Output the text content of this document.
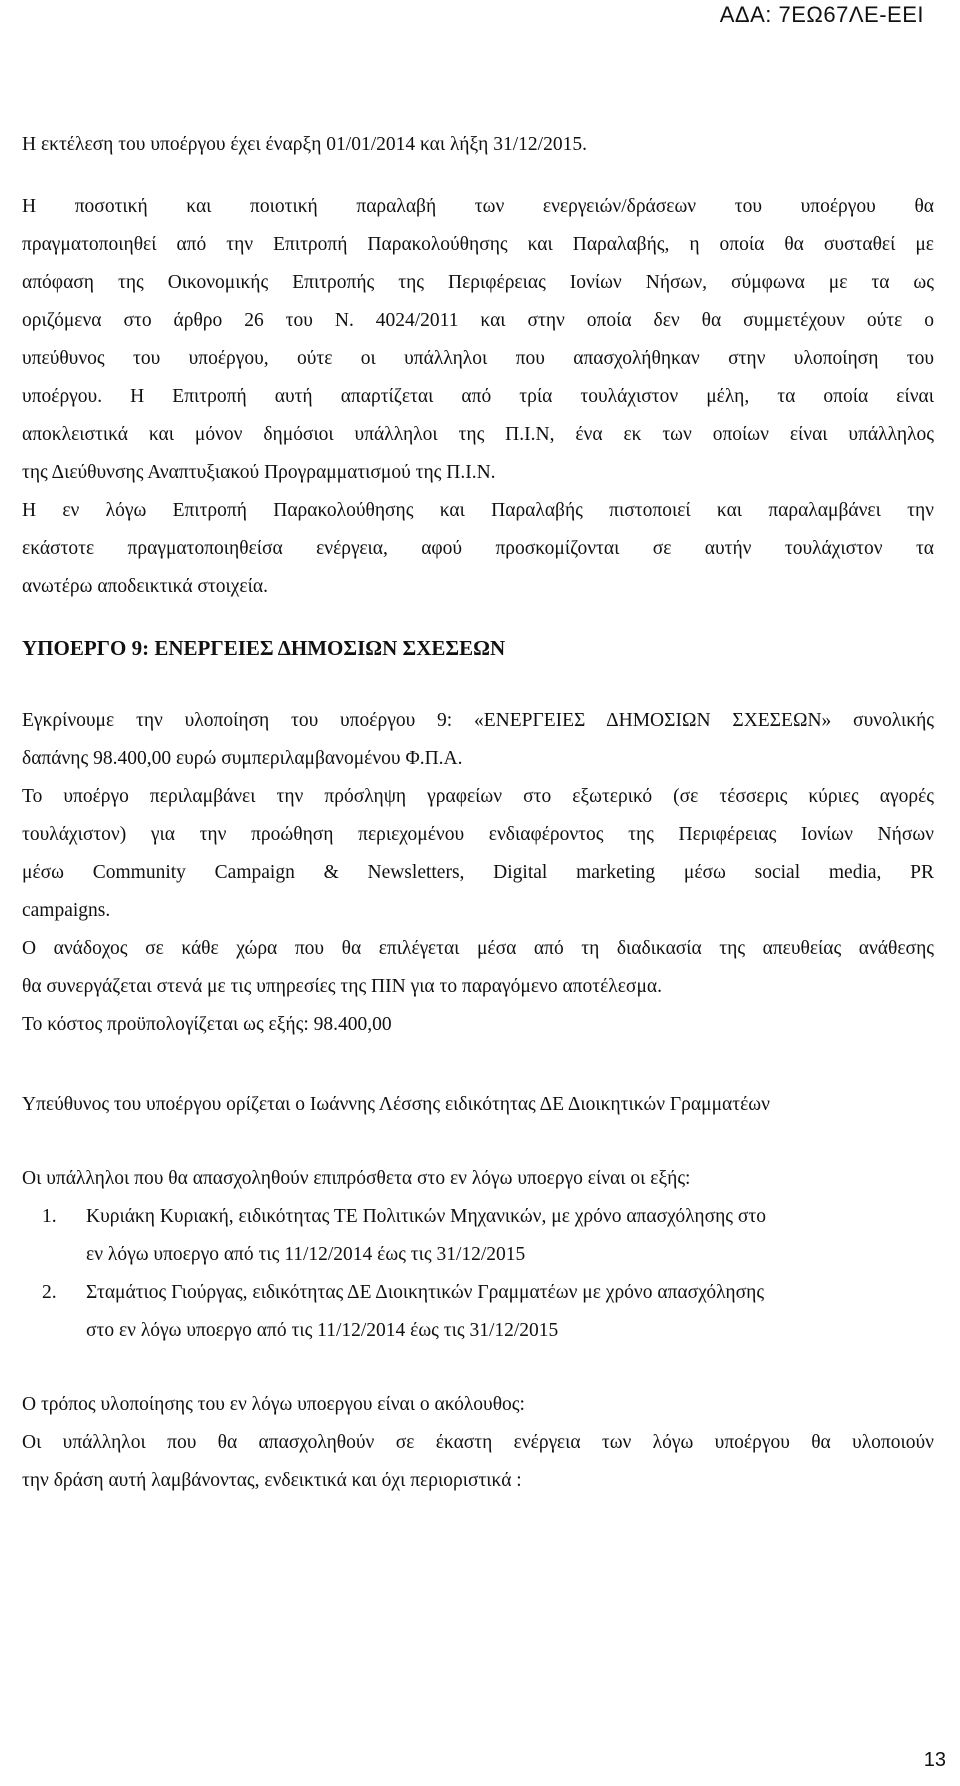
ΑΔΑ: 7ΕΩ67ΛΕ-ΕΕΙ
Η εκτέλεση του υποέργου έχει έναρξη 01/01/2014 και λήξη 31/12/2015.
Η ποσοτική και ποιοτική παραλαβή των ενεργειών/δράσεων του υποέργου θα
πραγματοποιηθεί από την Επιτροπή Παρακολούθησης και Παραλαβής, η οποία θα συσταθεί με
απόφαση της Οικονομικής Επιτροπής της Περιφέρειας Ιονίων Νήσων, σύμφωνα με τα ως
οριζόμενα στο άρθρο 26 του Ν. 4024/2011 και στην οποία δεν θα συμμετέχουν ούτε ο
υπεύθυνος του υποέργου, ούτε οι υπάλληλοι που απασχολήθηκαν στην υλοποίηση του
υποέργου. Η Επιτροπή αυτή απαρτίζεται από τρία τουλάχιστον μέλη, τα οποία είναι
αποκλειστικά και μόνον δημόσιοι υπάλληλοι της Π.Ι.Ν, ένα εκ των οποίων είναι υπάλληλος
της Διεύθυνσης Αναπτυξιακού Προγραμματισμού της Π.Ι.Ν.
Η εν λόγω Επιτροπή Παρακολούθησης και Παραλαβής πιστοποιεί και παραλαμβάνει την
εκάστοτε πραγματοποιηθείσα ενέργεια, αφού προσκομίζονται σε αυτήν τουλάχιστον τα
ανωτέρω αποδεικτικά στοιχεία.
ΥΠΟΕΡΓΟ 9: ΕΝΕΡΓΕΙΕΣ ΔΗΜΟΣΙΩΝ ΣΧΕΣΕΩΝ
Εγκρίνουμε την υλοποίηση του υποέργου 9: «ΕΝΕΡΓΕΙΕΣ ΔΗΜΟΣΙΩΝ ΣΧΕΣΕΩΝ» συνολικής
δαπάνης 98.400,00 ευρώ συμπεριλαμβανομένου Φ.Π.Α.
Το υποέργο περιλαμβάνει την πρόσληψη γραφείων στο εξωτερικό (σε τέσσερις κύριες αγορές
τουλάχιστον) για την προώθηση περιεχομένου ενδιαφέροντος της Περιφέρειας Ιονίων Νήσων
μέσω Community Campaign & Newsletters, Digital marketing μέσω social media, PR
campaigns.
Ο ανάδοχος σε κάθε χώρα που θα επιλέγεται μέσα από τη διαδικασία της απευθείας ανάθεσης
θα συνεργάζεται στενά με τις υπηρεσίες της ΠΙΝ για το παραγόμενο αποτέλεσμα.
Το κόστος προϋπολογίζεται ως εξής: 98.400,00
Υπεύθυνος του υποέργου ορίζεται ο Ιωάννης Λέσσης ειδικότητας ΔΕ Διοικητικών Γραμματέων
Οι υπάλληλοι που θα απασχοληθούν επιπρόσθετα στο εν λόγω υποεργο είναι οι εξής:
1. Κυριάκη Κυριακή, ειδικότητας ΤΕ Πολιτικών Μηχανικών, με χρόνο απασχόλησης στο
εν λόγω υποεργο από τις 11/12/2014 έως τις 31/12/2015
2. Σταμάτιος Γιούργας, ειδικότητας ΔΕ Διοικητικών Γραμματέων με χρόνο απασχόλησης
στο εν λόγω υποεργο από τις 11/12/2014 έως τις 31/12/2015
Ο τρόπος υλοποίησης του εν λόγω υποεργου είναι ο ακόλουθος:
Οι υπάλληλοι που θα απασχοληθούν σε έκαστη ενέργεια των λόγω υποέργου θα υλοποιούν
την δράση αυτή λαμβάνοντας, ενδεικτικά και όχι περιοριστικά :
13
